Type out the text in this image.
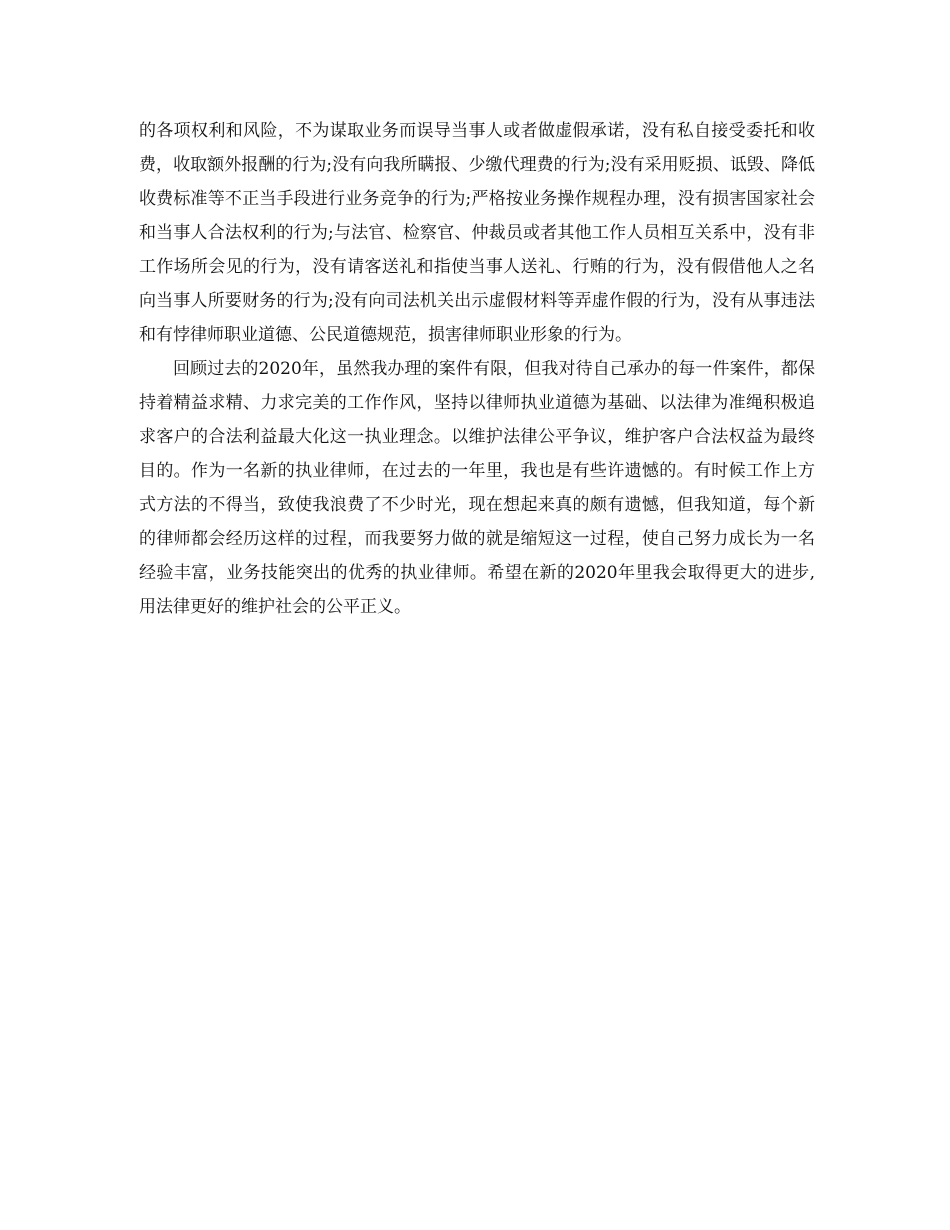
的各项权利和风险，不为谋取业务而误导当事人或者做虚假承诺，没有私自接受委托和收费，收取额外报酬的行为;没有向我所瞒报、少缴代理费的行为;没有采用贬损、诋毁、降低收费标准等不正当手段进行业务竞争的行为;严格按业务操作规程办理，没有损害国家社会和当事人合法权利的行为;与法官、检察官、仲裁员或者其他工作人员相互关系中，没有非工作场所会见的行为，没有请客送礼和指使当事人送礼、行贿的行为，没有假借他人之名向当事人所要财务的行为;没有向司法机关出示虚假材料等弄虚作假的行为，没有从事违法和有悖律师职业道德、公民道德规范，损害律师职业形象的行为。

回顾过去的2020年，虽然我办理的案件有限，但我对待自己承办的每一件案件，都保持着精益求精、力求完美的工作作风，坚持以律师执业道德为基础、以法律为准绳积极追求客户的合法利益最大化这一执业理念。以维护法律公平争议，维护客户合法权益为最终目的。作为一名新的执业律师，在过去的一年里，我也是有些许遗憾的。有时候工作上方式方法的不得当，致使我浪费了不少时光，现在想起来真的颇有遗憾，但我知道，每个新的律师都会经历这样的过程，而我要努力做的就是缩短这一过程，使自己努力成长为一名经验丰富，业务技能突出的优秀的执业律师。希望在新的2020年里我会取得更大的进步,用法律更好的维护社会的公平正义。
